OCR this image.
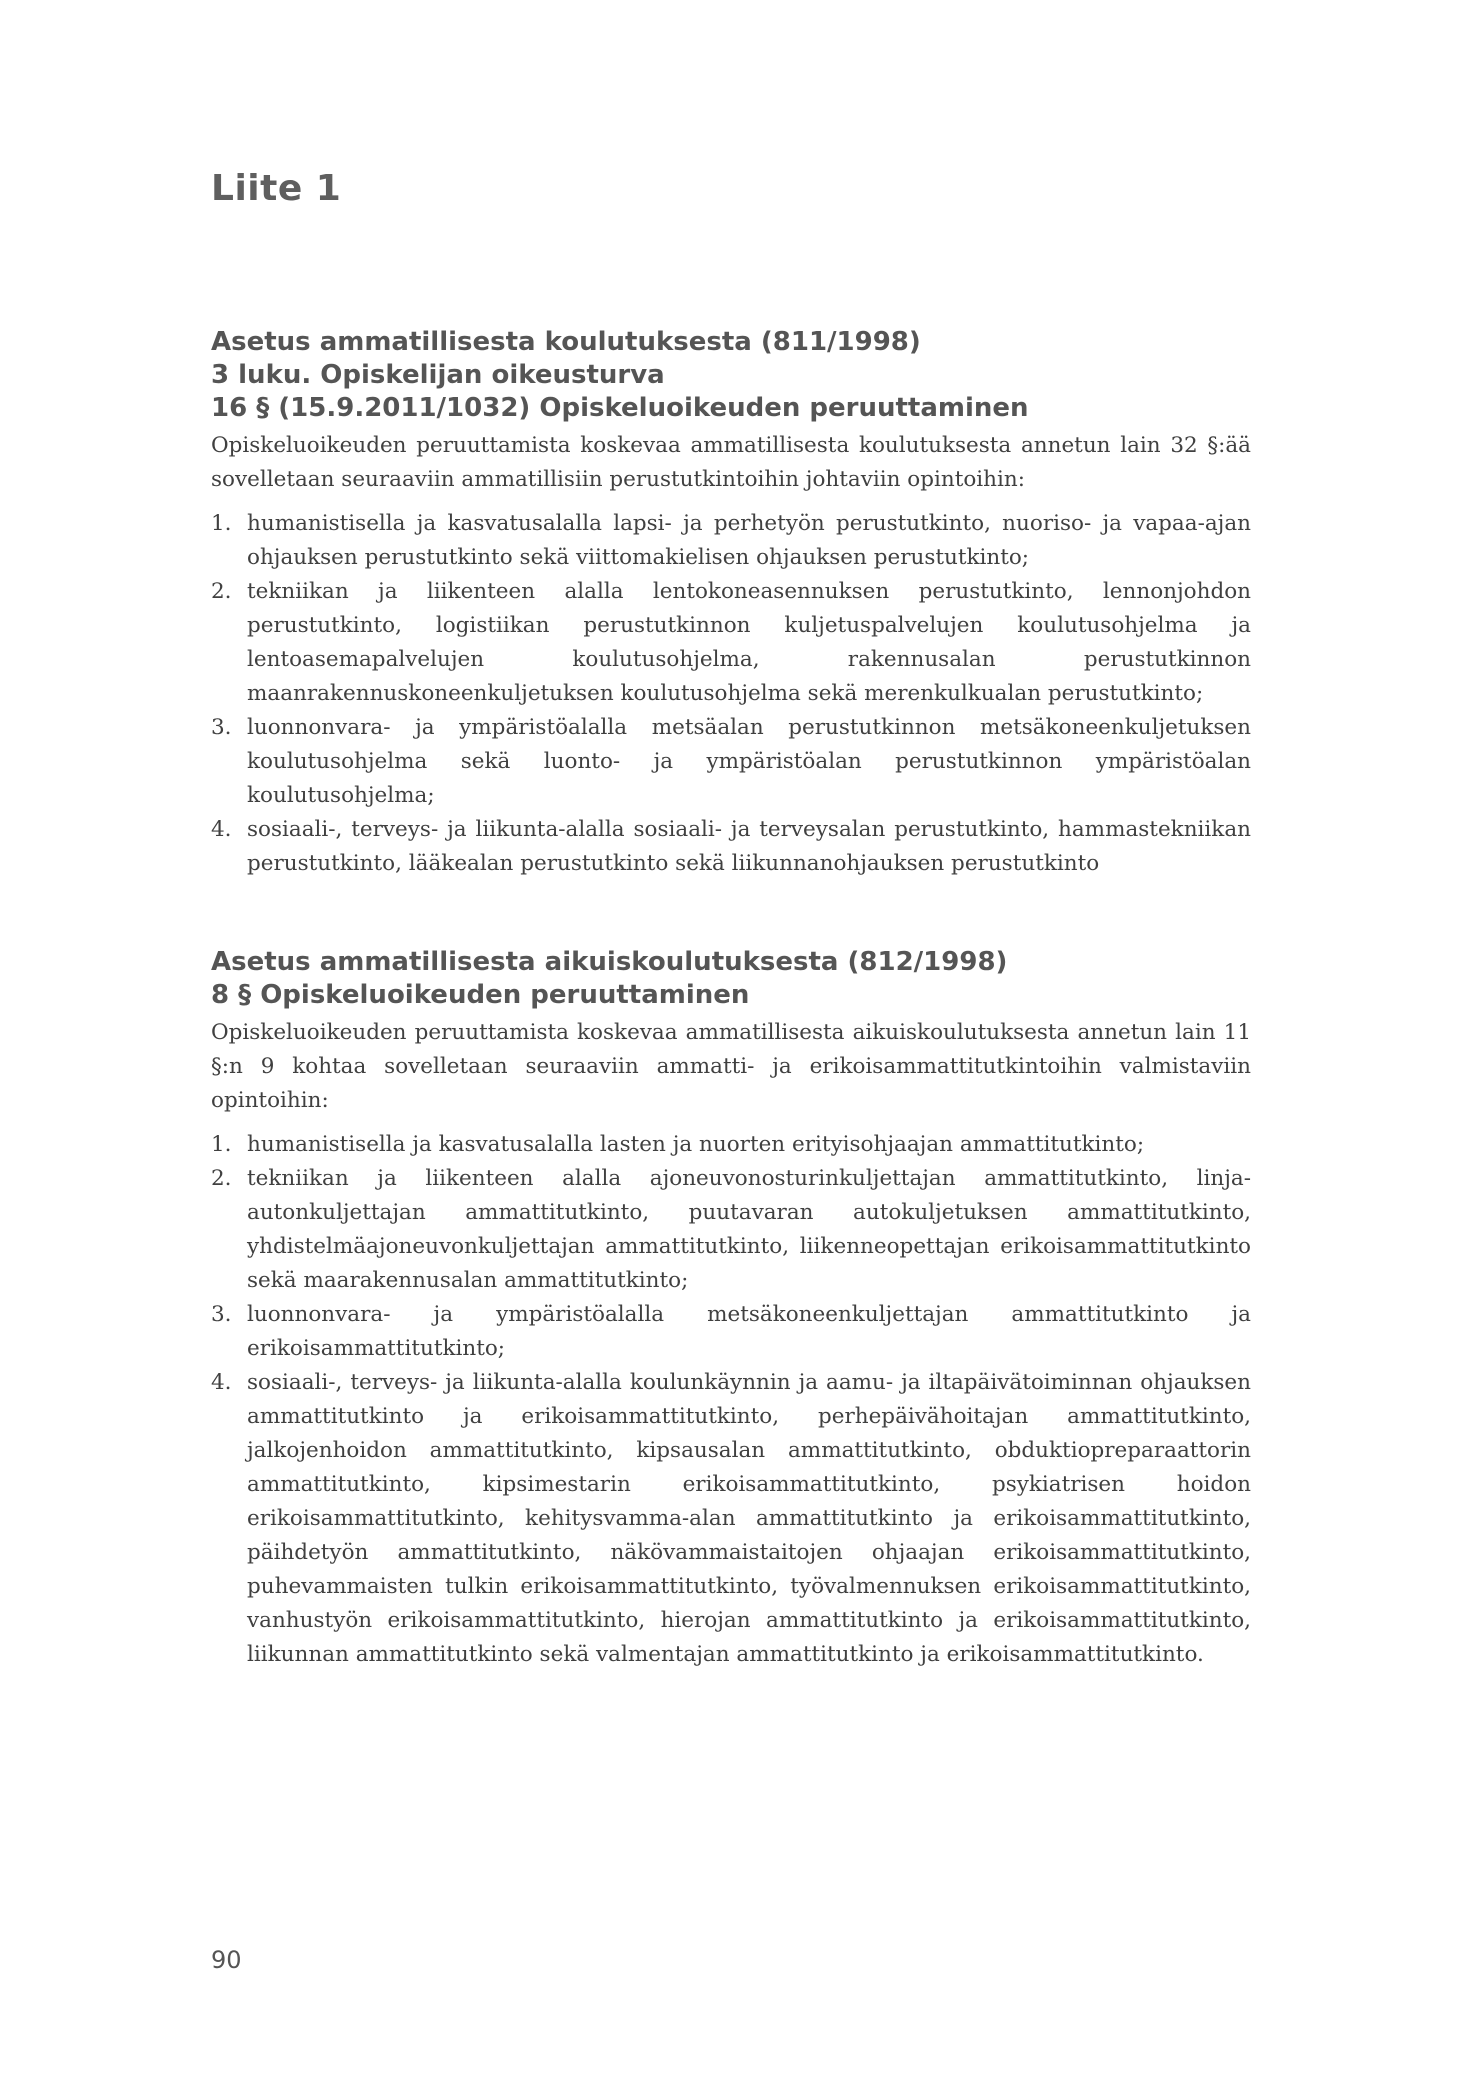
Liite 1
Asetus ammatillisesta koulutuksesta (811/1998)
3 luku. Opiskelijan oikeusturva
16 § (15.9.2011/1032) Opiskeluoikeuden peruuttaminen

Opiskeluoikeuden peruuttamista koskevaa ammatillisesta koulutuksesta annetun lain 32 §:ää sovelletaan seuraaviin ammatillisiin perustutkintoihin johtaviin opintoihin:

1. humanistisella ja kasvatusalalla lapsi- ja perhetyön perustutkinto, nuoriso- ja vapaa-ajan ohjauksen perustutkinto sekä viittomakielisen ohjauksen perustutkinto;
2. tekniikan ja liikenteen alalla lentokoneasennuksen perustutkinto, lennonjohdon perustutkinto, logistiikan perustutkinnon kuljetuspalvelujen koulutusohjelma ja lentoasemapalvelujen koulutusohjelma, rakennusalan perustutkinnon maanrakennuskoneenkuljetuksen koulutusohjelma sekä merenkulkualan perustutkinto;
3. luonnonvara- ja ympäristöalalla metsäalan perustutkinnon metsäkoneenkuljetuksen koulutusohjelma sekä luonto- ja ympäristöalan perustutkinnon ympäristöalan koulutusohjelma;
4. sosiaali-, terveys- ja liikunta-alalla sosiaali- ja terveysalan perustutkinto, hammastekniikan perustutkinto, lääkealan perustutkinto sekä liikunnanohjauksen perustutkinto
Asetus ammatillisesta aikuiskoulutuksesta (812/1998)
8 § Opiskeluoikeuden peruuttaminen

Opiskeluoikeuden peruuttamista koskevaa ammatillisesta aikuiskoulutuksesta annetun lain 11 §:n 9 kohtaa sovelletaan seuraaviin ammatti- ja erikoisammattitutkintoihin valmistaviin opintoihin:

1. humanistisella ja kasvatusalalla lasten ja nuorten erityisohjaajan ammattitutkinto;
2. tekniikan ja liikenteen alalla ajoneuvonosturinkuljettajan ammattitutkinto, linja-autonkuljettajan ammattitutkinto, puutavaran autokuljetuksen ammattitutkinto, yhdistelmäajoneuvonkuljettajan ammattitutkinto, liikenneopettajan erikoisammattitutkinto sekä maarakennusalan ammattitutkinto;
3. luonnonvara- ja ympäristöalalla metsäkoneenkuljettajan ammattitutkinto ja erikoisammattitutkinto;
4. sosiaali-, terveys- ja liikunta-alalla koulunkäynnin ja aamu- ja iltapäivätoiminnan ohjauksen ammattitutkinto ja erikoisammattitutkinto, perhepäivähoitajan ammattitutkinto, jalkojenhoidon ammattitutkinto, kipsausalan ammattitutkinto, obduktiopreparaattorin ammattitutkinto, kipsimestarin erikoisammattitutkinto, psykiatrisen hoidon erikoisammattitutkinto, kehitysvamma-alan ammattitutkinto ja erikoisammattitutkinto, päihdetyön ammattitutkinto, näkövammaistaitojen ohjaajan erikoisammattitutkinto, puhevammaisten tulkin erikoisammattitutkinto, työvalmennuksen erikoisammattitutkinto, vanhustyön erikoisammattitutkinto, hierojan ammattitutkinto ja erikoisammattitutkinto, liikunnan ammattitutkinto sekä valmentajan ammattitutkinto ja erikoisammattitutkinto.
90
